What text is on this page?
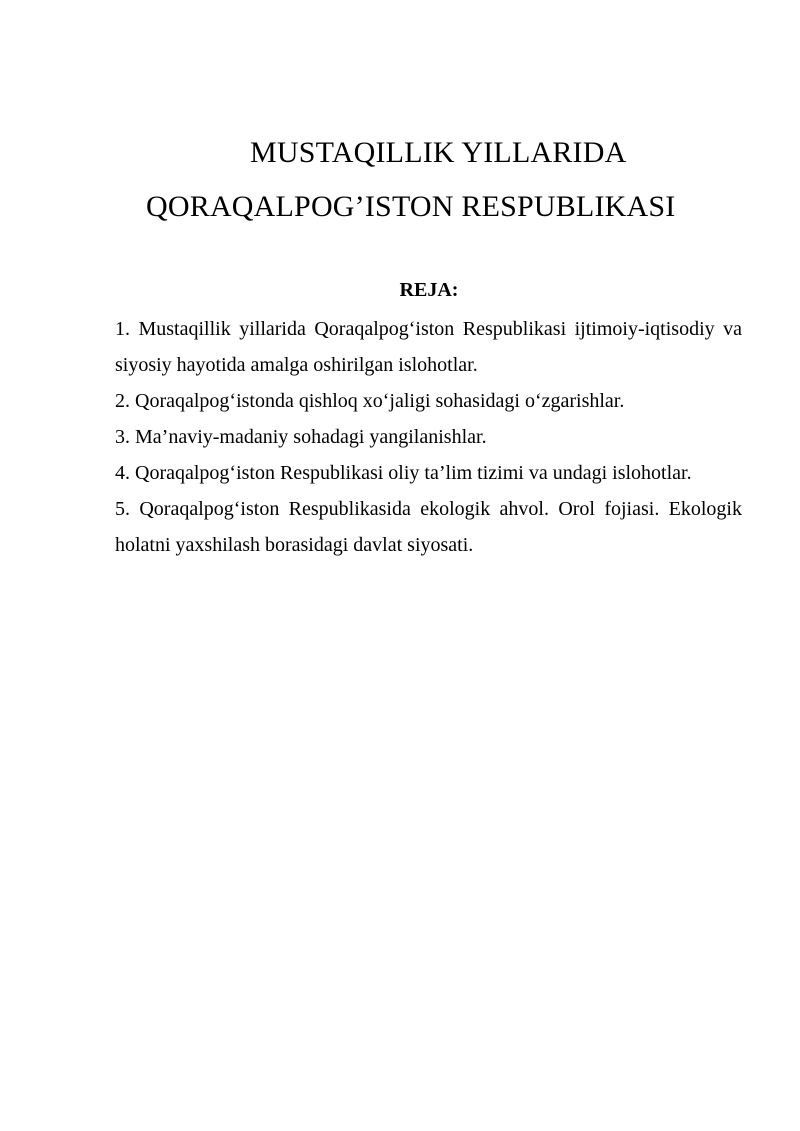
MUSTAQILLIK YILLARIDA
QORAQALPOG’ISTON RESPUBLIKASI
REJA:

1. Mustaqillik yillarida Qoraqalpog‘iston Respublikasi ijtimoiy-iqtisodiy va siyosiy hayotida amalga oshirilgan islohotlar.

2. Qoraqalpog‘istonda qishloq xo‘jaligi sohasidagi o‘zgarishlar.

3. Ma’naviy-madaniy sohadagi yangilanishlar.

4. Qoraqalpog‘iston Respublikasi oliy ta’lim tizimi va undagi islohotlar.

5. Qoraqalpog‘iston Respublikasida ekologik ahvol. Orol fojiasi. Ekologik holatni yaxshilash borasidagi davlat siyosati.
